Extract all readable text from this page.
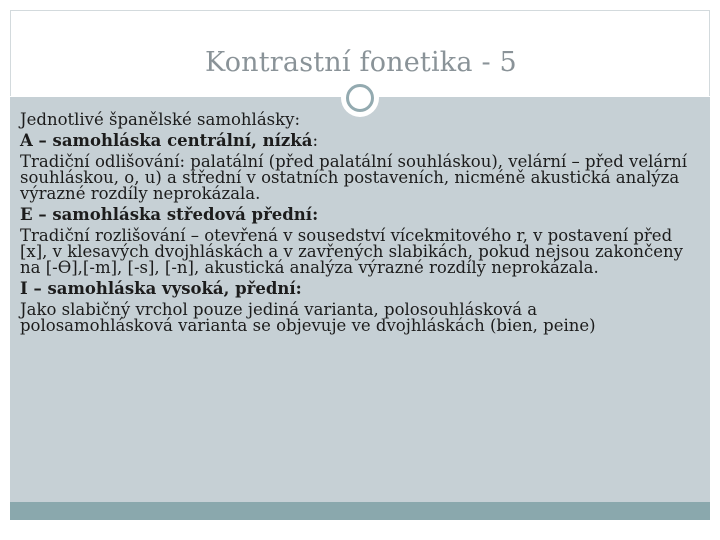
Kontrastní fonetika - 5

Jednotlivé španělské samohlásky:

A – samohláska centrální, nízká:

Tradiční odlišování: palatální (před palatální souhláskou), velární – před velární souhláskou, o, u) a střední v ostatních postaveních, nicméně akustická analýza výrazné rozdíly neprokázala.

E – samohláska středová přední:

Tradiční rozlišování – otevřená v sousedství vícekmitového r, v postavení před [x], v klesavých dvojhláskách a v zavřených slabikách, pokud nejsou zakončeny na [-Ө],[-m], [-s], [-n], akustická analýza výrazné rozdíly neprokázala.

I – samohláska vysoká, přední:

Jako slabičný vrchol pouze jediná varianta, polosouhlásková a polosamohlásková varianta se objevuje ve dvojhláskách (bien, peine)
